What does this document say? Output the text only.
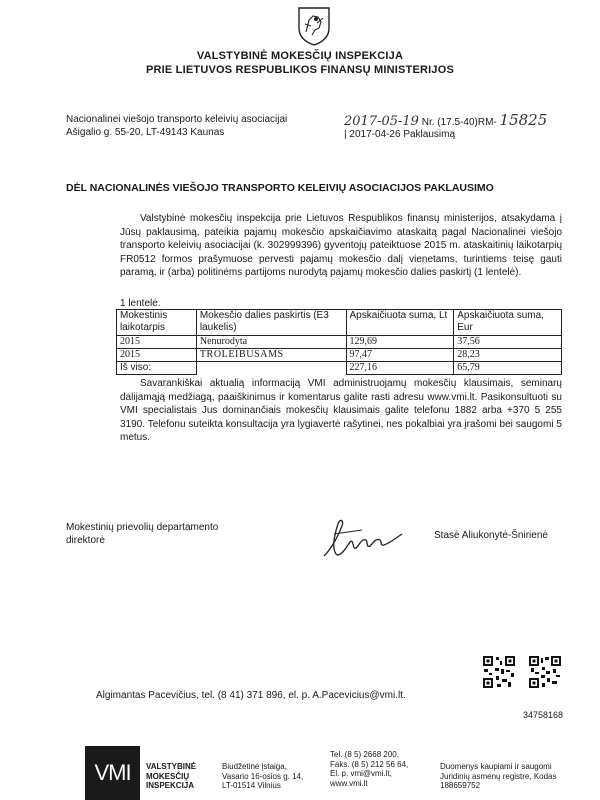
VALSTYBINĖ MOKESČIŲ INSPEKCIJA
PRIE LIETUVOS RESPUBLIKOS FINANSŲ MINISTERIJOS
Nacionalinei viešojo transporto keleivių asociacijai
Ašigalio g. 55-20, LT-49143 Kaunas
2017-05-19 Nr. (17.5-40)RM- 15825
| 2017-04-26 Paklausimą
DĖL NACIONALINĖS VIEŠOJO TRANSPORTO KELEIVIŲ ASOCIACIJOS PAKLAUSIMO
Valstybinė mokesčių inspekcija prie Lietuvos Respublikos finansų ministerijos, atsakydama į Jūsų paklausimą, pateikia pajamų mokesčio apskaičiavimo ataskaitą pagal Nacionalinei viešojo transporto keleivių asociacijai (k. 302999396) gyventojų pateiktuose 2015 m. ataskaitinių laikotarpių FR0512 formos prašymuose pervesti pajamų mokesčio dalį vienetams, turintiems teisę gauti paramą, ir (arba) politinėms partijoms nurodytą pajamų mokesčio dalies paskirtį (1 lentelė).
1 lentelė.
Mokestinis laikotarpis	Mokesčio dalies paskirtis (E3 laukelis)	Apskaičiuota suma, Lt	Apskaičiuota suma, Eur
2015	Nenurodyta	129,69	37,56
2015	TROLEIBUSAMS	97,47	28,23
Iš viso:		227,16	65,79
Savarankiškai aktualią informaciją VMI administruojamų mokesčių klausimais, seminarų dalijamąją medžiagą, paaiškinimus ir komentarus galite rasti adresu www.vmi.lt. Pasikonsultuoti su VMI specialistais Jus dominančiais mokesčių klausimais galite telefonu 1882 arba +370 5 255 3190. Telefonu suteikta konsultacija yra lygiavertė rašytinei, nes pokalbiai yra įrašomi bei saugomi 5 metus.
Mokestinių prievolių departamento
direktorė	Stasė Aliukonytė-Šnirienė
Algimantas Pacevičius, tel. (8 41) 371 896, el. p. A.Pacevicius@vmi.lt.
34758168
VMI	VALSTYBINĖ
MOKESČIŲ
INSPEKCIJA
Biudžetinė įstaiga,
Vasario 16-osios g. 14,
LT-01514 Vilnius
Tel. (8 5) 2668 200,
Faks. (8 5) 212 56 64,
El. p. vmi@vmi.lt,
www.vmi.lt
Duomenys kaupiami ir saugomi
Juridinių asmenų registre, Kodas
188659752
